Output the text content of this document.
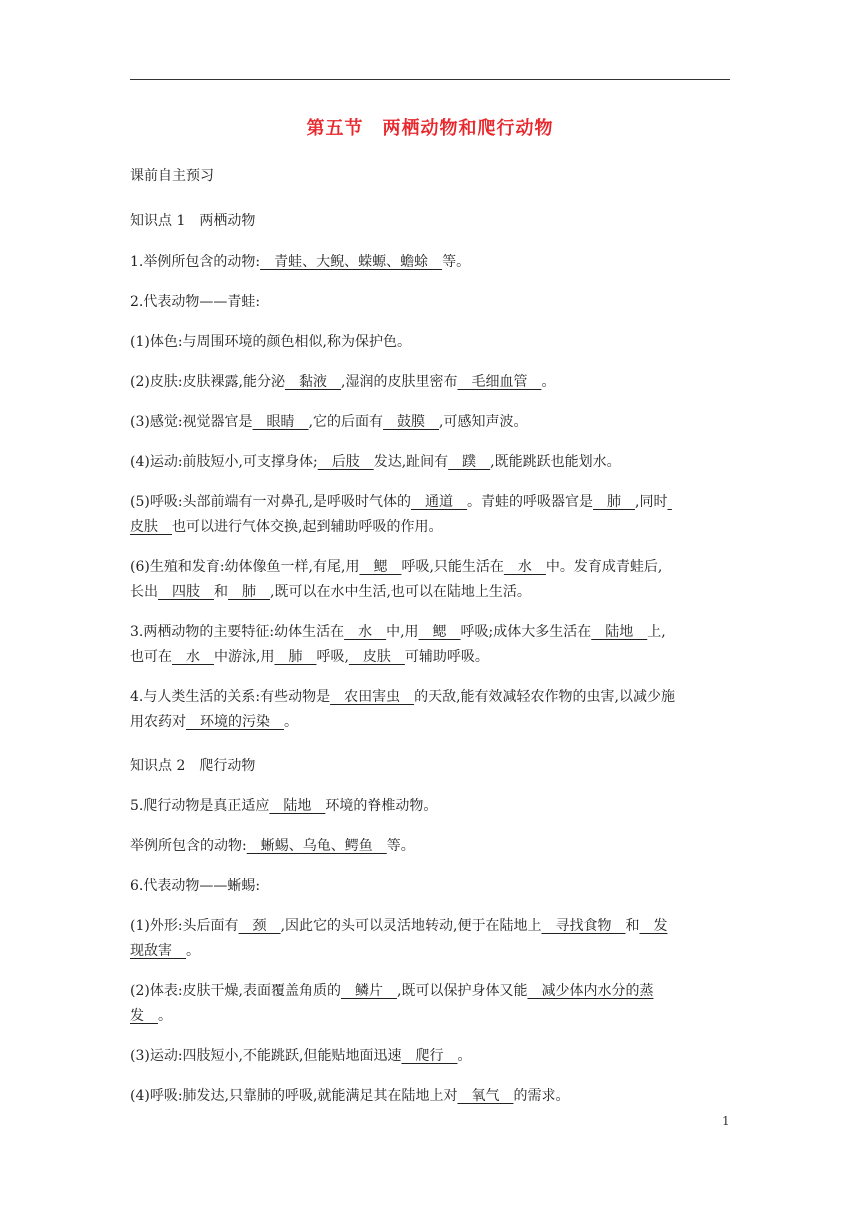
第五节　两栖动物和爬行动物

课前自主预习

知识点 1　两栖动物

1.举例所包含的动物:　青蛙、大鲵、蝾螈、蟾蜍　等。

2.代表动物——青蛙:

(1)体色:与周围环境的颜色相似,称为保护色。

(2)皮肤:皮肤裸露,能分泌　黏液　,湿润的皮肤里密布　毛细血管　。

(3)感觉:视觉器官是　眼睛　,它的后面有　鼓膜　,可感知声波。

(4)运动:前肢短小,可支撑身体;　后肢　发达,趾间有　蹼　,既能跳跃也能划水。

(5)呼吸:头部前端有一对鼻孔,是呼吸时气体的　通道　。青蛙的呼吸器官是　肺　,同时

皮肤　也可以进行气体交换,起到辅助呼吸的作用。

(6)生殖和发育:幼体像鱼一样,有尾,用　鳃　呼吸,只能生活在　水　中。发育成青蛙后,

长出　四肢　和　肺　,既可以在水中生活,也可以在陆地上生活。

3.两栖动物的主要特征:幼体生活在　水　中,用　鳃　呼吸;成体大多生活在　陆地　上,

也可在　水　中游泳,用　肺　呼吸,　皮肤　可辅助呼吸。

4.与人类生活的关系:有些动物是　农田害虫　的天敌,能有效减轻农作物的虫害,以减少施

用农药对　环境的污染　。

知识点 2　爬行动物

5.爬行动物是真正适应　陆地　环境的脊椎动物。

举例所包含的动物:　蜥蜴、乌龟、鳄鱼　等。

6.代表动物——蜥蜴:

(1)外形:头后面有　颈　,因此它的头可以灵活地转动,便于在陆地上　寻找食物　和　发

现敌害　。

(2)体表:皮肤干燥,表面覆盖角质的　鳞片　,既可以保护身体又能　减少体内水分的蒸

发　。

(3)运动:四肢短小,不能跳跃,但能贴地面迅速　爬行　。

(4)呼吸:肺发达,只靠肺的呼吸,就能满足其在陆地上对　氧气　的需求。

1
